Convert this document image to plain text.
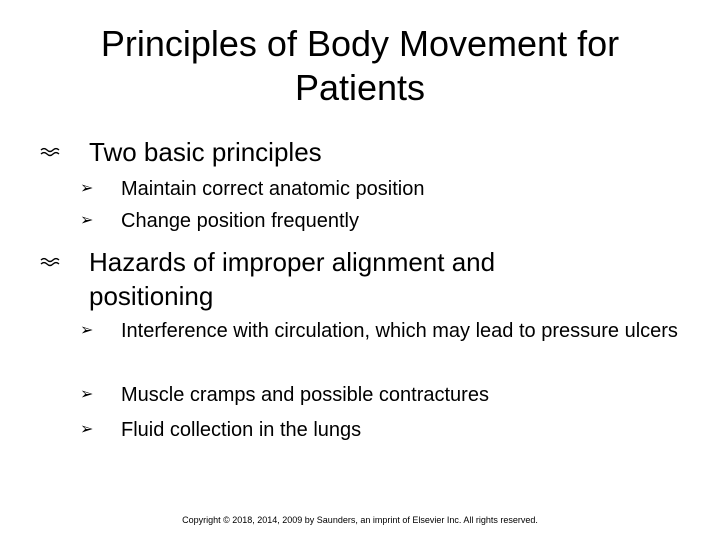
Principles of Body Movement for Patients
Two basic principles
➢	Maintain correct anatomic position
➢	Change position frequently
Hazards of improper alignment and positioning
➢	Interference with circulation, which may lead to pressure ulcers
➢	Muscle cramps and possible contractures
➢	Fluid collection in the lungs
Copyright © 2018, 2014, 2009 by Saunders, an imprint of Elsevier Inc. All rights reserved.
